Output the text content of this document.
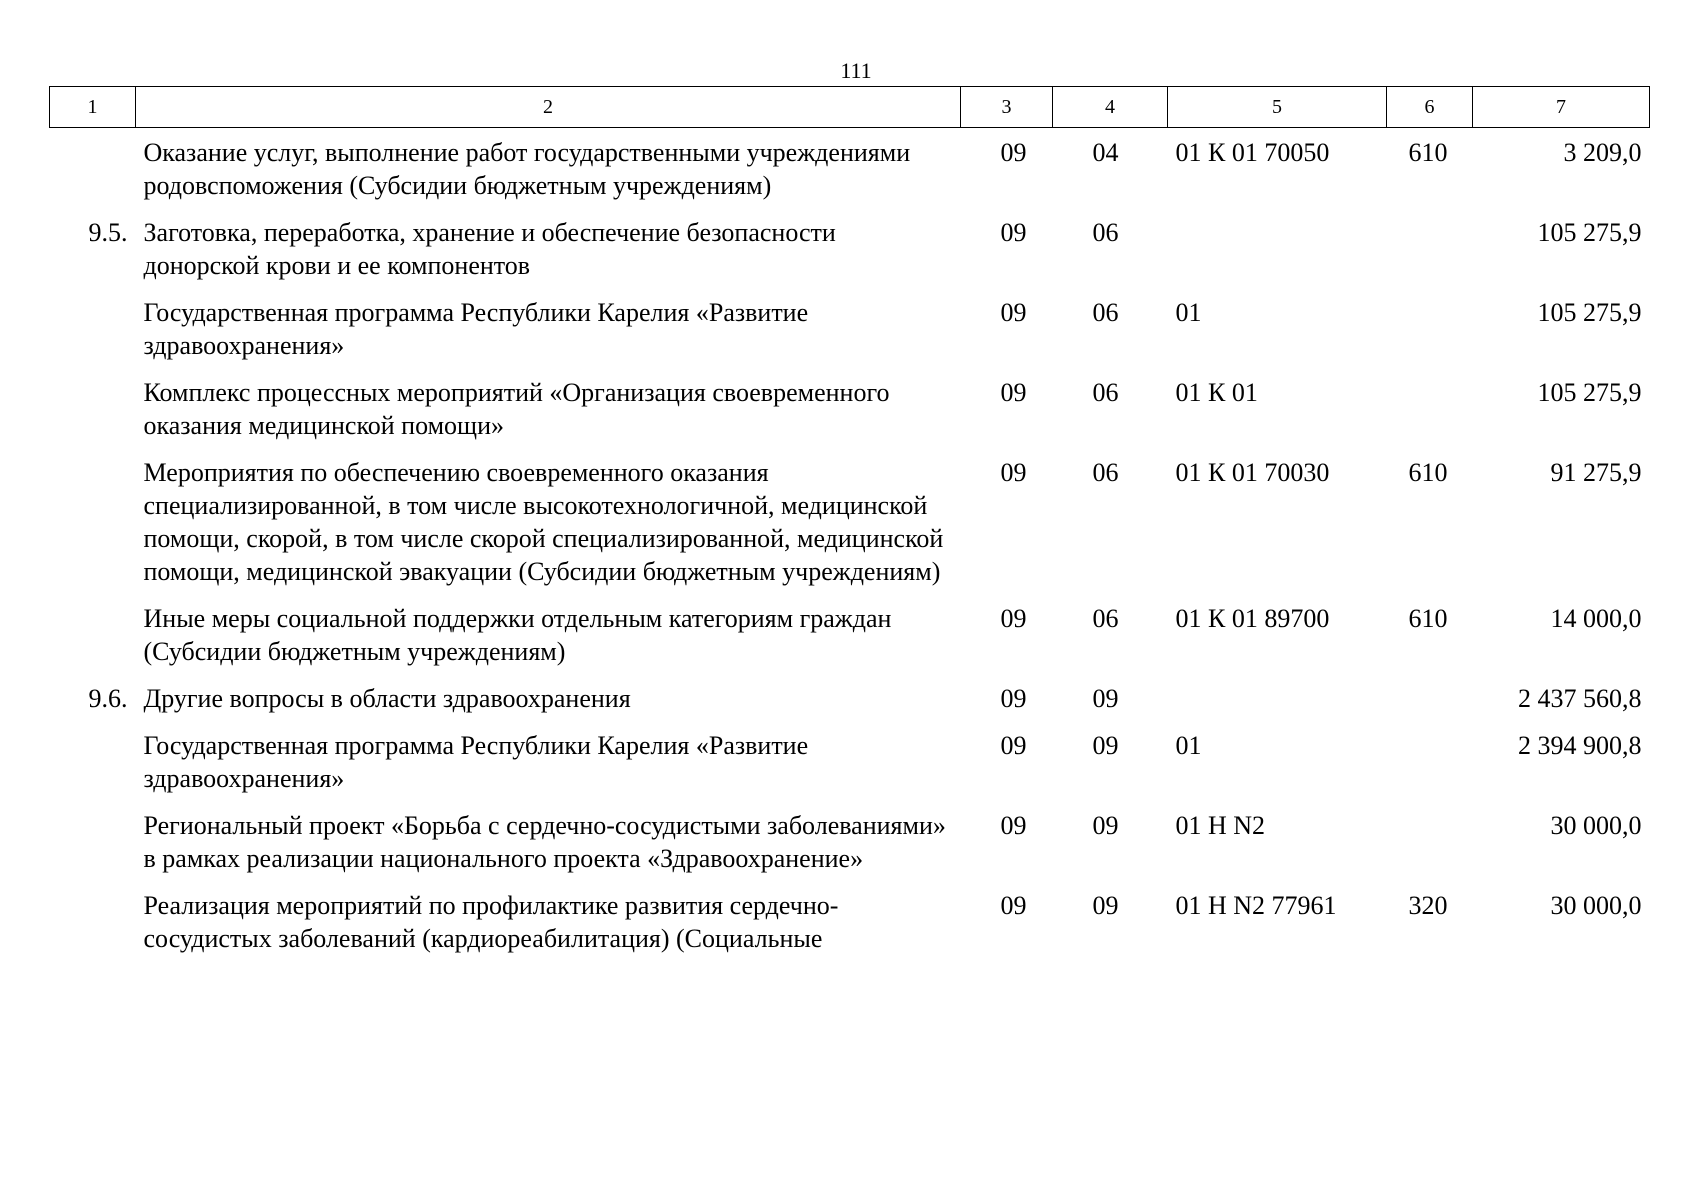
111
1	2	3	4	5	6	7
	Оказание услуг, выполнение работ государственными учреждениями родовспоможения (Субсидии бюджетным учреждениям)	09	04	01 К 01 70050	610	3 209,0
9.5.	Заготовка, переработка, хранение и обеспечение безопасности донорской крови и ее компонентов	09	06			105 275,9
	Государственная программа Республики Карелия «Развитие здравоохранения»	09	06	01		105 275,9
	Комплекс процессных мероприятий «Организация своевременного оказания медицинской помощи»	09	06	01 К 01		105 275,9
	Мероприятия по обеспечению своевременного оказания специализированной, в том числе высокотехнологичной, медицинской помощи, скорой, в том числе скорой специализированной, медицинской помощи, медицинской эвакуации (Субсидии бюджетным учреждениям)	09	06	01 К 01 70030	610	91 275,9
	Иные меры социальной поддержки отдельным категориям граждан (Субсидии бюджетным учреждениям)	09	06	01 К 01 89700	610	14 000,0
9.6.	Другие вопросы в области здравоохранения	09	09			2 437 560,8
	Государственная программа Республики Карелия «Развитие здравоохранения»	09	09	01		2 394 900,8
	Региональный проект «Борьба с сердечно-сосудистыми заболеваниями» в рамках реализации национального проекта «Здравоохранение»	09	09	01 Н N2		30 000,0
	Реализация мероприятий по профилактике развития сердечно-сосудистых заболеваний (кардиореабилитация) (Социальные	09	09	01 Н N2 77961	320	30 000,0
